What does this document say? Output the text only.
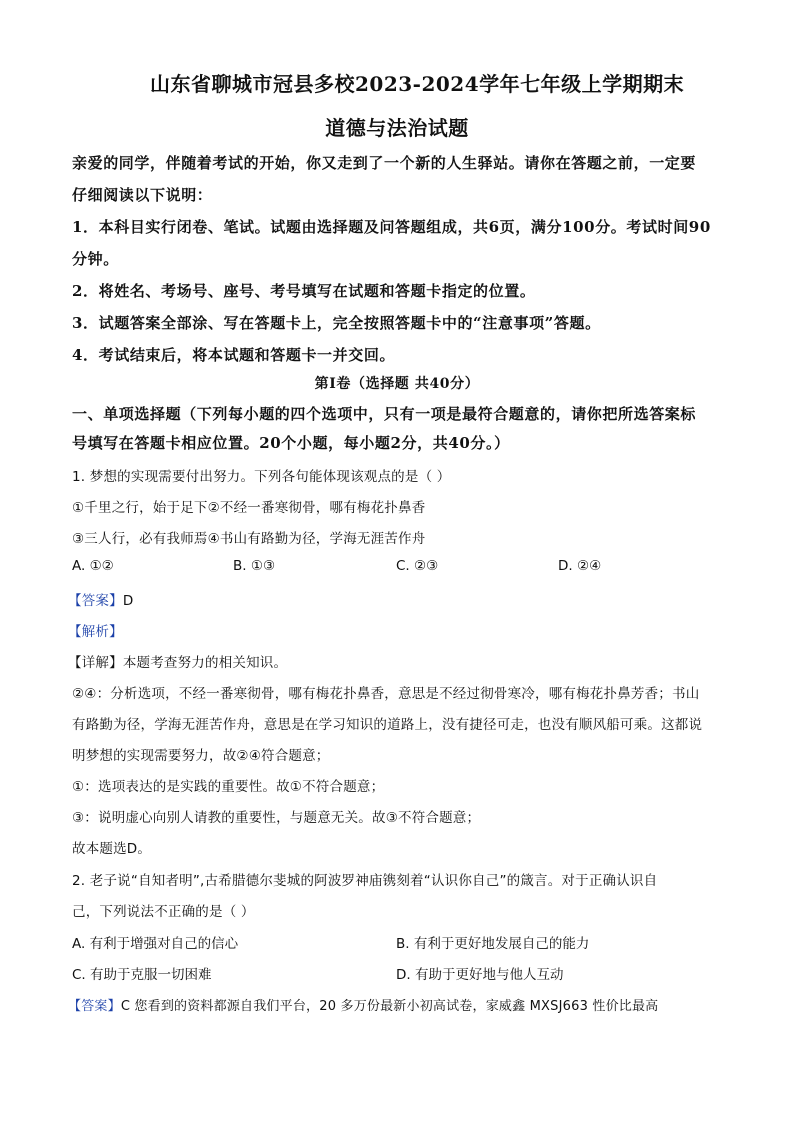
山东省聊城市冠县多校2023-2024学年七年级上学期期末
道德与法治试题
亲爱的同学，伴随着考试的开始，你又走到了一个新的人生驿站。请你在答题之前，一定要
仔细阅读以下说明：
1．本科目实行闭卷、笔试。试题由选择题及问答题组成，共6页，满分100分。考试时间90
分钟。
2．将姓名、考场号、座号、考号填写在试题和答题卡指定的位置。
3．试题答案全部涂、写在答题卡上，完全按照答题卡中的“注意事项”答题。
4．考试结束后，将本试题和答题卡一并交回。
第Ⅰ卷（选择题 共40分）
一、单项选择题（下列每小题的四个选项中，只有一项是最符合题意的，请你把所选答案标
号填写在答题卡相应位置。20个小题，每小题2分，共40分。）
1. 梦想的实现需要付出努力。下列各句能体现该观点的是（ ）
①千里之行，始于足下②不经一番寒彻骨，哪有梅花扑鼻香
③三人行，必有我师焉④书山有路勤为径，学海无涯苦作舟
A. ①②	B. ①③	C. ②③	D. ②④
【答案】D
【解析】
【详解】本题考查努力的相关知识。
②④：分析选项，不经一番寒彻骨，哪有梅花扑鼻香，意思是不经过彻骨寒冷，哪有梅花扑鼻芳香；书山
有路勤为径，学海无涯苦作舟，意思是在学习知识的道路上，没有捷径可走，也没有顺风船可乘。这都说
明梦想的实现需要努力，故②④符合题意；
①：选项表达的是实践的重要性。故①不符合题意；
③：说明虚心向别人请教的重要性，与题意无关。故③不符合题意；
故本题选D。
2. 老子说“自知者明”,古希腊德尔斐城的阿波罗神庙镌刻着“认识你自己”的箴言。对于正确认识自
己，下列说法不正确的是（ ）
A. 有利于增强对自己的信心	B. 有利于更好地发展自己的能力
C. 有助于克服一切困难	D. 有助于更好地与他人互动
【答案】C 您看到的资料都源自我们平台，20 多万份最新小初高试卷，家威鑫 MXSJ663 性价比最高
